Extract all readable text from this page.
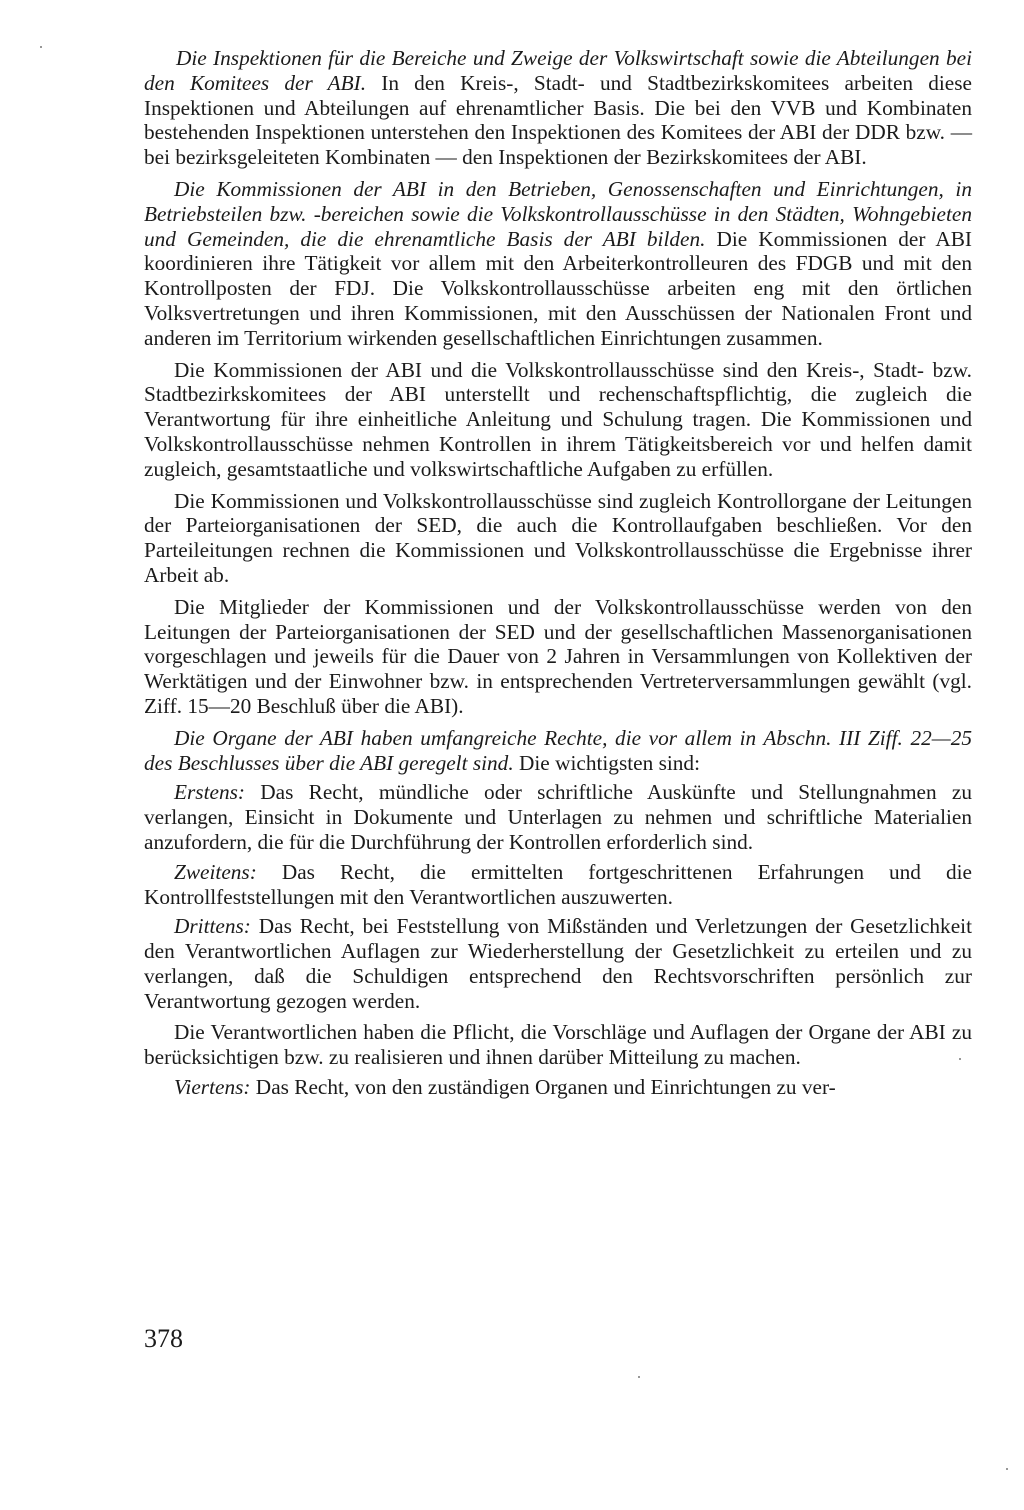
Die Inspektionen für die Bereiche und Zweige der Volkswirtschaft sowie die Abteilungen bei den Komitees der ABI. In den Kreis-, Stadt- und Stadtbezirkskomitees arbeiten diese Inspektionen und Abteilungen auf ehrenamtlicher Basis. Die bei den VVB und Kombinaten bestehenden Inspektionen unterstehen den Inspektionen des Komitees der ABI der DDR bzw. — bei bezirksgeleiteten Kombinaten — den Inspektionen der Bezirkskomitees der ABI.

Die Kommissionen der ABI in den Betrieben, Genossenschaften und Einrichtungen, in Betriebsteilen bzw. -bereichen sowie die Volkskontrollausschüsse in den Städten, Wohngebieten und Gemeinden, die die ehrenamtliche Basis der ABI bilden. Die Kommissionen der ABI koordinieren ihre Tätigkeit vor allem mit den Arbeiterkontrolleuren des FDGB und mit den Kontrollposten der FDJ. Die Volkskontrollausschüsse arbeiten eng mit den örtlichen Volksvertretungen und ihren Kommissionen, mit den Ausschüssen der Nationalen Front und anderen im Territorium wirkenden gesellschaftlichen Einrichtungen zusammen.

Die Kommissionen der ABI und die Volkskontrollausschüsse sind den Kreis-, Stadt- bzw. Stadtbezirkskomitees der ABI unterstellt und rechenschaftspflichtig, die zugleich die Verantwortung für ihre einheitliche Anleitung und Schulung tragen. Die Kommissionen und Volkskontrollausschüsse nehmen Kontrollen in ihrem Tätigkeitsbereich vor und helfen damit zugleich, gesamtstaatliche und volkswirtschaftliche Aufgaben zu erfüllen.

Die Kommissionen und Volkskontrollausschüsse sind zugleich Kontrollorgane der Leitungen der Parteiorganisationen der SED, die auch die Kontrollaufgaben beschließen. Vor den Parteileitungen rechnen die Kommissionen und Volkskontrollausschüsse die Ergebnisse ihrer Arbeit ab.

Die Mitglieder der Kommissionen und der Volkskontrollausschüsse werden von den Leitungen der Parteiorganisationen der SED und der gesellschaftlichen Massenorganisationen vorgeschlagen und jeweils für die Dauer von 2 Jahren in Versammlungen von Kollektiven der Werktätigen und der Einwohner bzw. in entsprechenden Vertreterversammlungen gewählt (vgl. Ziff. 15—20 Beschluß über die ABI).

Die Organe der ABI haben umfangreiche Rechte, die vor allem in Abschn. III Ziff. 22—25 des Beschlusses über die ABI geregelt sind. Die wichtigsten sind:

Erstens: Das Recht, mündliche oder schriftliche Auskünfte und Stellungnahmen zu verlangen, Einsicht in Dokumente und Unterlagen zu nehmen und schriftliche Materialien anzufordern, die für die Durchführung der Kontrollen erforderlich sind.

Zweitens: Das Recht, die ermittelten fortgeschrittenen Erfahrungen und die Kontrollfeststellungen mit den Verantwortlichen auszuwerten.

Drittens: Das Recht, bei Feststellung von Mißständen und Verletzungen der Gesetzlichkeit den Verantwortlichen Auflagen zur Wiederherstellung der Gesetzlichkeit zu erteilen und zu verlangen, daß die Schuldigen entsprechend den Rechtsvorschriften persönlich zur Verantwortung gezogen werden.

Die Verantwortlichen haben die Pflicht, die Vorschläge und Auflagen der Organe der ABI zu berücksichtigen bzw. zu realisieren und ihnen darüber Mitteilung zu machen.

Viertens: Das Recht, von den zuständigen Organen und Einrichtungen zu ver-

378
